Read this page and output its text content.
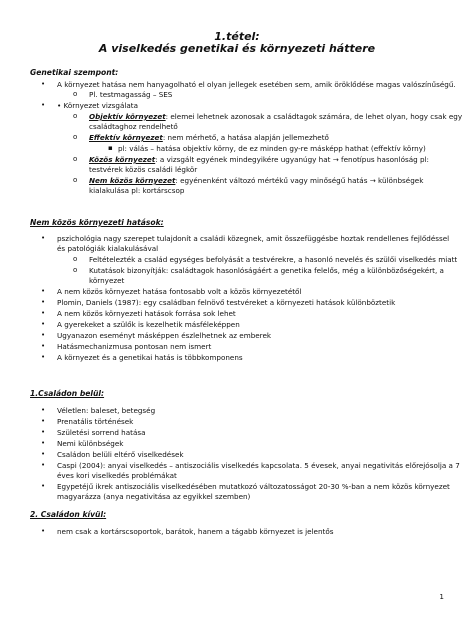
1.tétel:
A viselkedés genetikai és környezeti háttere
Genetikai szempont:
• A környezet hatása nem hanyagolható el olyan jellegek esetében sem, amik öröklődése magas valószínűségű.
o Pl. testmagasság – SES
• • Környezet vizsgálata
o Objektív környezet: elemei lehetnek azonosak a családtagok számára, de lehet olyan, hogy csak egy
családtaghoz rendelhető
o Effektív környezet: nem mérhető, a hatása alapján jellemezhető
▪ pl: válás – hatása objektív körny, de ez minden gy-re másképp hathat (effektív körny)
o Közös környezet: a vizsgált egyének mindegyikére ugyanúgy hat → fenotípus hasonlóság pl:
testvérek közös családi légkör
o Nem közös környezet: egyénenként változó mértékű vagy minőségű hatás → különbségek
kialakulása pl: kortárscsop
Nem közös környezeti hatások:
• pszichológia nagy szerepet tulajdonít a családi közegnek, amit összefüggésbe hoztak rendellenes fejlődéssel
és patológiák kialakulásával
o Feltételezték a család egységes befolyását a testvérekre, a hasonló nevelés és szülői viselkedés miatt
o Kutatások bizonyítják: családtagok hasonlóságáért a genetika felelős, még a különbözőségekért, a
környezet
• A nem közös környezet hatása fontosabb volt a közös környezetétől
• Plomin, Daniels (1987): egy családban felnövő testvéreket a környezeti hatások különböztetik
• A nem közös környezeti hatások forrása sok lehet
• A gyerekeket a szülők is kezelhetik másféleképpen
• Ugyanazon eseményt másképpen észlelhetnek az emberek
• Hatásmechanizmusa pontosan nem ismert
• A környezet és a genetikai hatás is többkomponens
1.Családon belül:
• Véletlen: baleset, betegség
• Prenatális történések
• Születési sorrend hatása
• Nemi különbségek
• Családon belüli eltérő viselkedések
• Caspi (2004): anyai viselkedés – antiszociális viselkedés kapcsolata. 5 évesek, anyai negativitás előrejósolja a 7
éves kori viselkedés problémákat
• Egypetéjű ikrek antiszociális viselkedésében mutatkozó változatosságot 20-30 %-ban a nem közös környezet
magyarázza (anya negativitása az egyikkel szemben)
2. Családon kívül:
• nem csak a kortárscsoportok, barátok, hanem a tágabb környezet is jelentős
1
